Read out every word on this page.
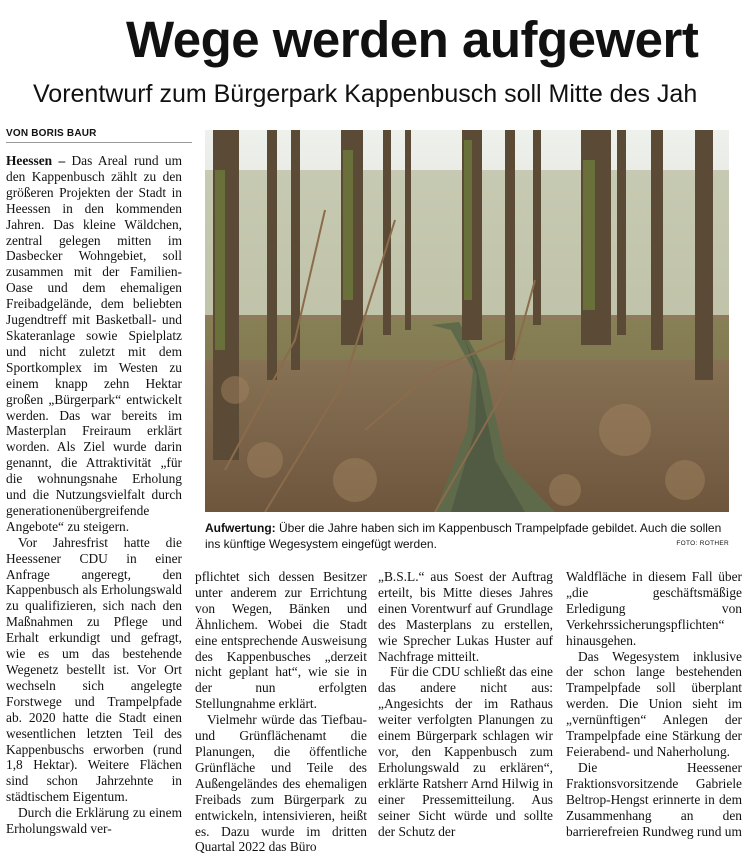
Wege werden aufgewert
Vorentwurf zum Bürgerpark Kappenbusch soll Mitte des Jah
VON BORIS BAUR

Heessen – Das Areal rund um den Kappenbusch zählt zu den größeren Projekten der Stadt in Heessen in den kommenden Jahren. Das kleine Wäldchen, zentral gelegen mitten im Dasbecker Wohngebiet, soll zusammen mit der Familien-Oase und dem ehemaligen Freibadgelände, dem beliebten Jugendtreff mit Basketball- und Skateranlage sowie Spielplatz und nicht zuletzt mit dem Sportkomplex im Westen zu einem knapp zehn Hektar großen „Bürgerpark“ entwickelt werden. Das war bereits im Masterplan Freiraum erklärt worden. Als Ziel wurde darin genannt, die Attraktivität „für die wohnungsnahe Erholung und die Nutzungsvielfalt durch generationenübergreifende Angebote“ zu steigern.

Vor Jahresfrist hatte die Heessener CDU in einer Anfrage angeregt, den Kappenbusch als Erholungswald zu qualifizieren, sich nach den Maßnahmen zu Pflege und Erhalt erkundigt und gefragt, wie es um das bestehende Wegenetz bestellt ist. Vor Ort wechseln sich angelegte Forstwege und Trampelpfade ab. 2020 hatte die Stadt einen wesentlichen letzten Teil des Kappenbuschs erworben (rund 1,8 Hektar). Weitere Flächen sind schon Jahrzehnte in städtischem Eigentum.

Durch die Erklärung zu einem Erholungswald ver-

Aufwertung: Über die Jahre haben sich im Kappenbusch Trampelpfade gebildet. Auch die sollen ins künftige Wegesystem eingefügt werden.	FOTO: ROTHER

pflichtet sich dessen Besitzer unter anderem zur Errichtung von Wegen, Bänken und Ähnlichem. Wobei die Stadt eine entsprechende Ausweisung des Kappenbusches „derzeit nicht geplant hat“, wie sie in der nun erfolgten Stellungnahme erklärt.

Vielmehr würde das Tiefbau- und Grünflächenamt die Planungen, die öffentliche Grünfläche und Teile des Außengeländes des ehemaligen Freibads zum Bürgerpark zu entwickeln, intensivieren, heißt es. Dazu wurde im dritten Quartal 2022 das Büro

„B.S.L.“ aus Soest der Auftrag erteilt, bis Mitte dieses Jahres einen Vorentwurf auf Grundlage des Masterplans zu erstellen, wie Sprecher Lukas Huster auf Nachfrage mitteilt.

Für die CDU schließt das eine das andere nicht aus: „Angesichts der im Rathaus weiter verfolgten Planungen zu einem Bürgerpark schlagen wir vor, den Kappenbusch zum Erholungswald zu erklären“, erklärte Ratsherr Arnd Hilwig in einer Pressemitteilung. Aus seiner Sicht würde und sollte der Schutz der

Waldfläche in diesem Fall über „die geschäftsmäßige Erledigung von Verkehrssicherungspflichten“ hinausgehen.

Das Wegesystem inklusive der schon lange bestehenden Trampelpfade soll überplant werden. Die Union sieht im „vernünftigen“ Anlegen der Trampelpfade eine Stärkung der Feierabend- und Naherholung.

Die Heessener Fraktionsvorsitzende Gabriele Beltrop-Hengst erinnerte in dem Zusammenhang an den barrierefreien Rundweg rund um
